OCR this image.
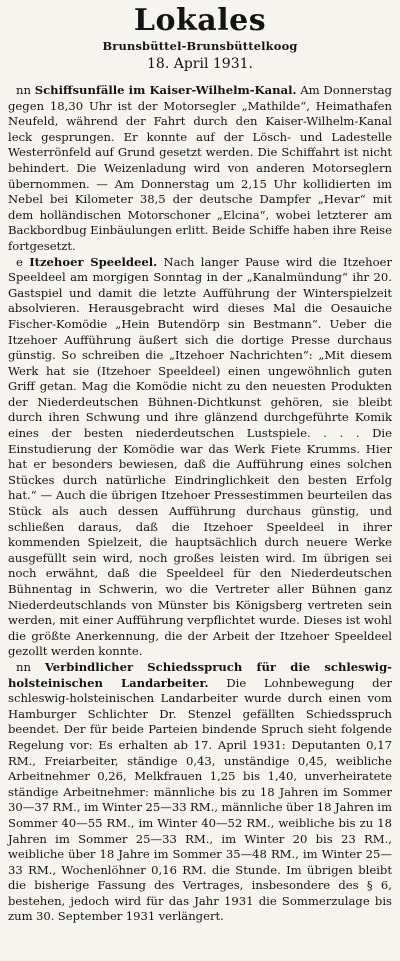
Lokales
Brunsbüttel-Brunsbüttelkoog
18. April 1931.

nn Schiffsunfälle im Kaiser-Wilhelm-Kanal. Am Donnerstag gegen 18,30 Uhr ist der Motorsegler „Mathilde“, Heimathafen Neufeld, während der Fahrt durch den Kaiser-Wilhelm-Kanal leck gesprungen. Er konnte auf der Lösch- und Ladestelle Westerrönfeld auf Grund gesetzt werden. Die Schiffahrt ist nicht behindert. Die Weizenladung wird von anderen Motorseglern übernommen. — Am Donnerstag um 2,15 Uhr kollidierten im Nebel bei Kilometer 38,5 der deutsche Dampfer „Hevar“ mit dem holländischen Motorschoner „Elcina“, wobei letzterer am Backbordbug Einbäulungen erlitt. Beide Schiffe haben ihre Reise fortgesetzt.

e Itzehoer Speeldeel. Nach langer Pause wird die Itzehoer Speeldeel am morgigen Sonntag in der „Kanalmündung“ ihr 20. Gastspiel und damit die letzte Aufführung der Winterspielzeit absolvieren. Herausgebracht wird dieses Mal die Oesauiche Fischer-Komödie „Hein Butendörp sin Bestmann“. Ueber die Itzehoer Aufführung äußert sich die dortige Presse durchaus günstig. So schreiben die „Itzehoer Nachrichten“: „Mit diesem Werk hat sie (Itzehoer Speeldeel) einen ungewöhnlich guten Griff getan. Mag die Komödie nicht zu den neuesten Produkten der Niederdeutschen Bühnen-Dichtkunst gehören, sie bleibt durch ihren Schwung und ihre glänzend durchgeführte Komik eines der besten niederdeutschen Lustspiele. . . . Die Einstudierung der Komödie war das Werk Fiete Krumms. Hier hat er besonders bewiesen, daß die Aufführung eines solchen Stückes durch natürliche Eindringlichkeit den besten Erfolg hat.“ — Auch die übrigen Itzehoer Pressestimmen beurteilen das Stück als auch dessen Aufführung durchaus günstig, und schließen daraus, daß die Itzehoer Speeldeel in ihrer kommenden Spielzeit, die hauptsächlich durch neuere Werke ausgefüllt sein wird, noch großes leisten wird. Im übrigen sei noch erwähnt, daß die Speeldeel für den Niederdeutschen Bühnentag in Schwerin, wo die Vertreter aller Bühnen ganz Niederdeutschlands von Münster bis Königsberg vertreten sein werden, mit einer Aufführung verpflichtet wurde. Dieses ist wohl die größte Anerkennung, die der Arbeit der Itzehoer Speeldeel gezollt werden konnte.

nn Verbindlicher Schiedsspruch für die schleswig-holsteinischen Landarbeiter. Die Lohnbewegung der schleswig-holsteinischen Landarbeiter wurde durch einen vom Hamburger Schlichter Dr. Stenzel gefällten Schiedsspruch beendet. Der für beide Parteien bindende Spruch sieht folgende Regelung vor: Es erhalten ab 17. April 1931: Deputanten 0,17 RM., Freiarbeiter, ständige 0,43, unständige 0,45, weibliche Arbeitnehmer 0,26, Melkfrauen 1,25 bis 1,40, unverheiratete ständige Arbeitnehmer: männliche bis zu 18 Jahren im Sommer 30—37 RM., im Winter 25—33 RM., männliche über 18 Jahren im Sommer 40—55 RM., im Winter 40—52 RM., weibliche bis zu 18 Jahren im Sommer 25—33 RM., im Winter 20 bis 23 RM., weibliche über 18 Jahre im Sommer 35—48 RM., im Winter 25—33 RM., Wochenlöhner 0,16 RM. die Stunde. Im übrigen bleibt die bisherige Fassung des Vertrages, insbesondere des § 6, bestehen, jedoch wird für das Jahr 1931 die Sommerzulage bis zum 30. September 1931 verlängert.
